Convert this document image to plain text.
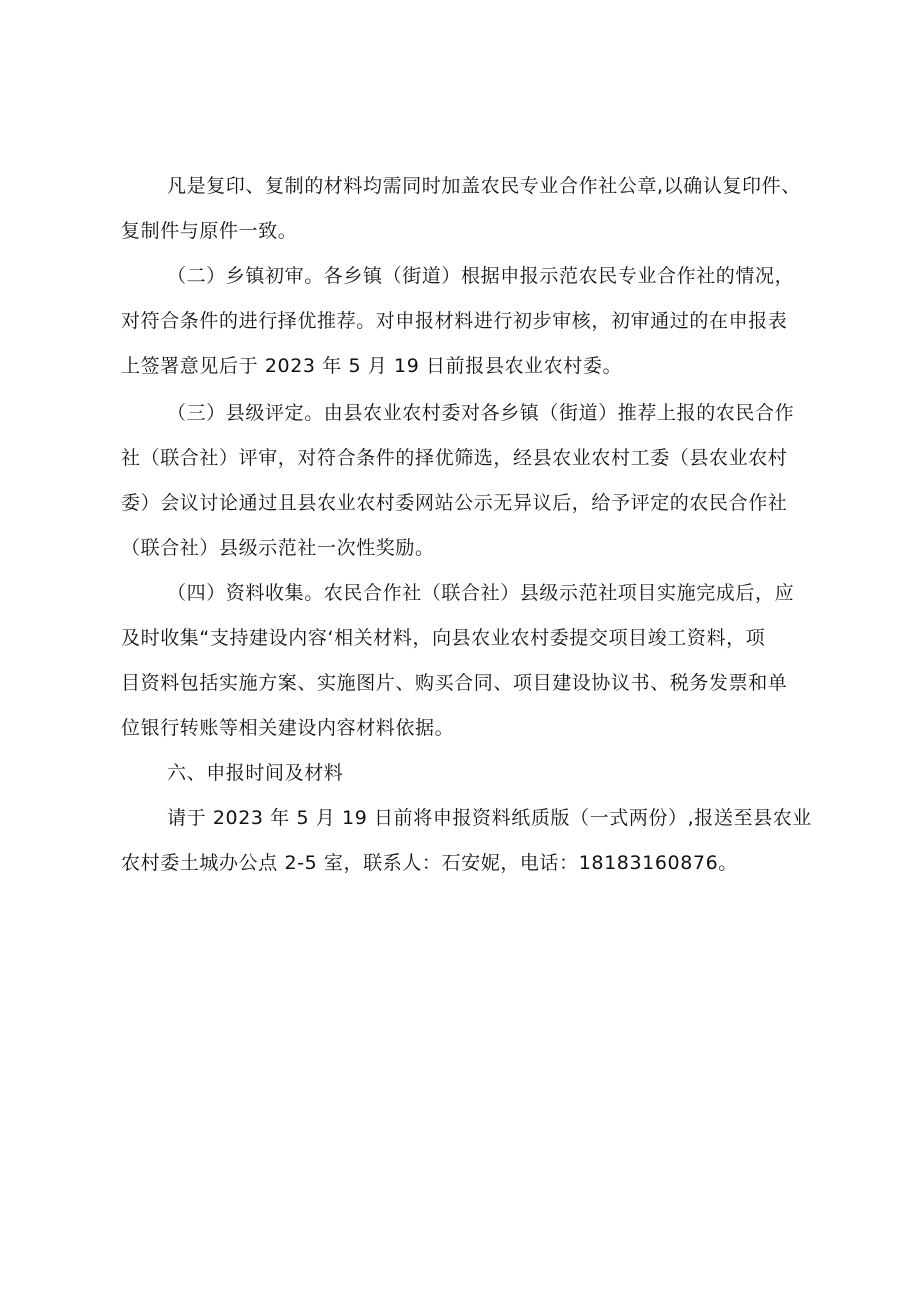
凡是复印、复制的材料均需同时加盖农民专业合作社公章,以确认复印件、

复制件与原件一致。

（二）乡镇初审。各乡镇（街道）根据申报示范农民专业合作社的情况，

对符合条件的进行择优推荐。对申报材料进行初步审核，初审通过的在申报表

上签署意见后于 2023 年 5 月 19 日前报县农业农村委。

（三）县级评定。由县农业农村委对各乡镇（街道）推荐上报的农民合作

社（联合社）评审，对符合条件的择优筛选，经县农业农村工委（县农业农村

委）会议讨论通过且县农业农村委网站公示无异议后，给予评定的农民合作社

（联合社）县级示范社一次性奖励。

（四）资料收集。农民合作社（联合社）县级示范社项目实施完成后，应

及时收集“支持建设内容‘相关材料，向县农业农村委提交项目竣工资料，项

目资料包括实施方案、实施图片、购买合同、项目建设协议书、税务发票和单

位银行转账等相关建设内容材料依据。

六、申报时间及材料

请于 2023 年 5 月 19 日前将申报资料纸质版（一式两份）,报送至县农业

农村委土城办公点 2-5 室，联系人：石安妮，电话：18183160876。
